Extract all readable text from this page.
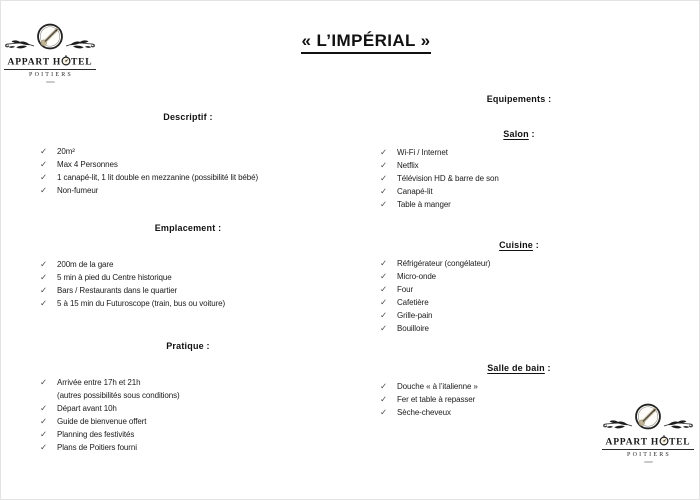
APPART H TEL
POITIERS
APPART H TEL
POITIERS
« L’IMPÉRIAL »
Descriptif :
✓	20m²
✓	Max 4 Personnes
✓	1 canapé-lit, 1 lit double en mezzanine (possibilité lit bébé)
✓	Non-fumeur
Emplacement :
✓	200m de la gare
✓	5 min à pied du Centre historique
✓	Bars / Restaurants dans le quartier
✓	5 à 15 min du Futuroscope (train, bus ou voiture)
Pratique :
✓	Arrivée entre 17h et 21h
(autres possibilités sous conditions)
✓	Départ avant 10h
✓	Guide de bienvenue offert
✓	Planning des festivités
✓	Plans de Poitiers fourni
Equipements :
Salon :
✓	Wi-Fi / Internet
✓	Netflix
✓	Télévision HD & barre de son
✓	Canapé-lit
✓	Table à manger
Cuisine :
✓	Réfrigérateur (congélateur)
✓	Micro-onde
✓	Four
✓	Cafetière
✓	Grille-pain
✓	Bouilloire
Salle de bain :
✓	Douche « à l’italienne »
✓	Fer et table à repasser
✓	Sèche-cheveux
